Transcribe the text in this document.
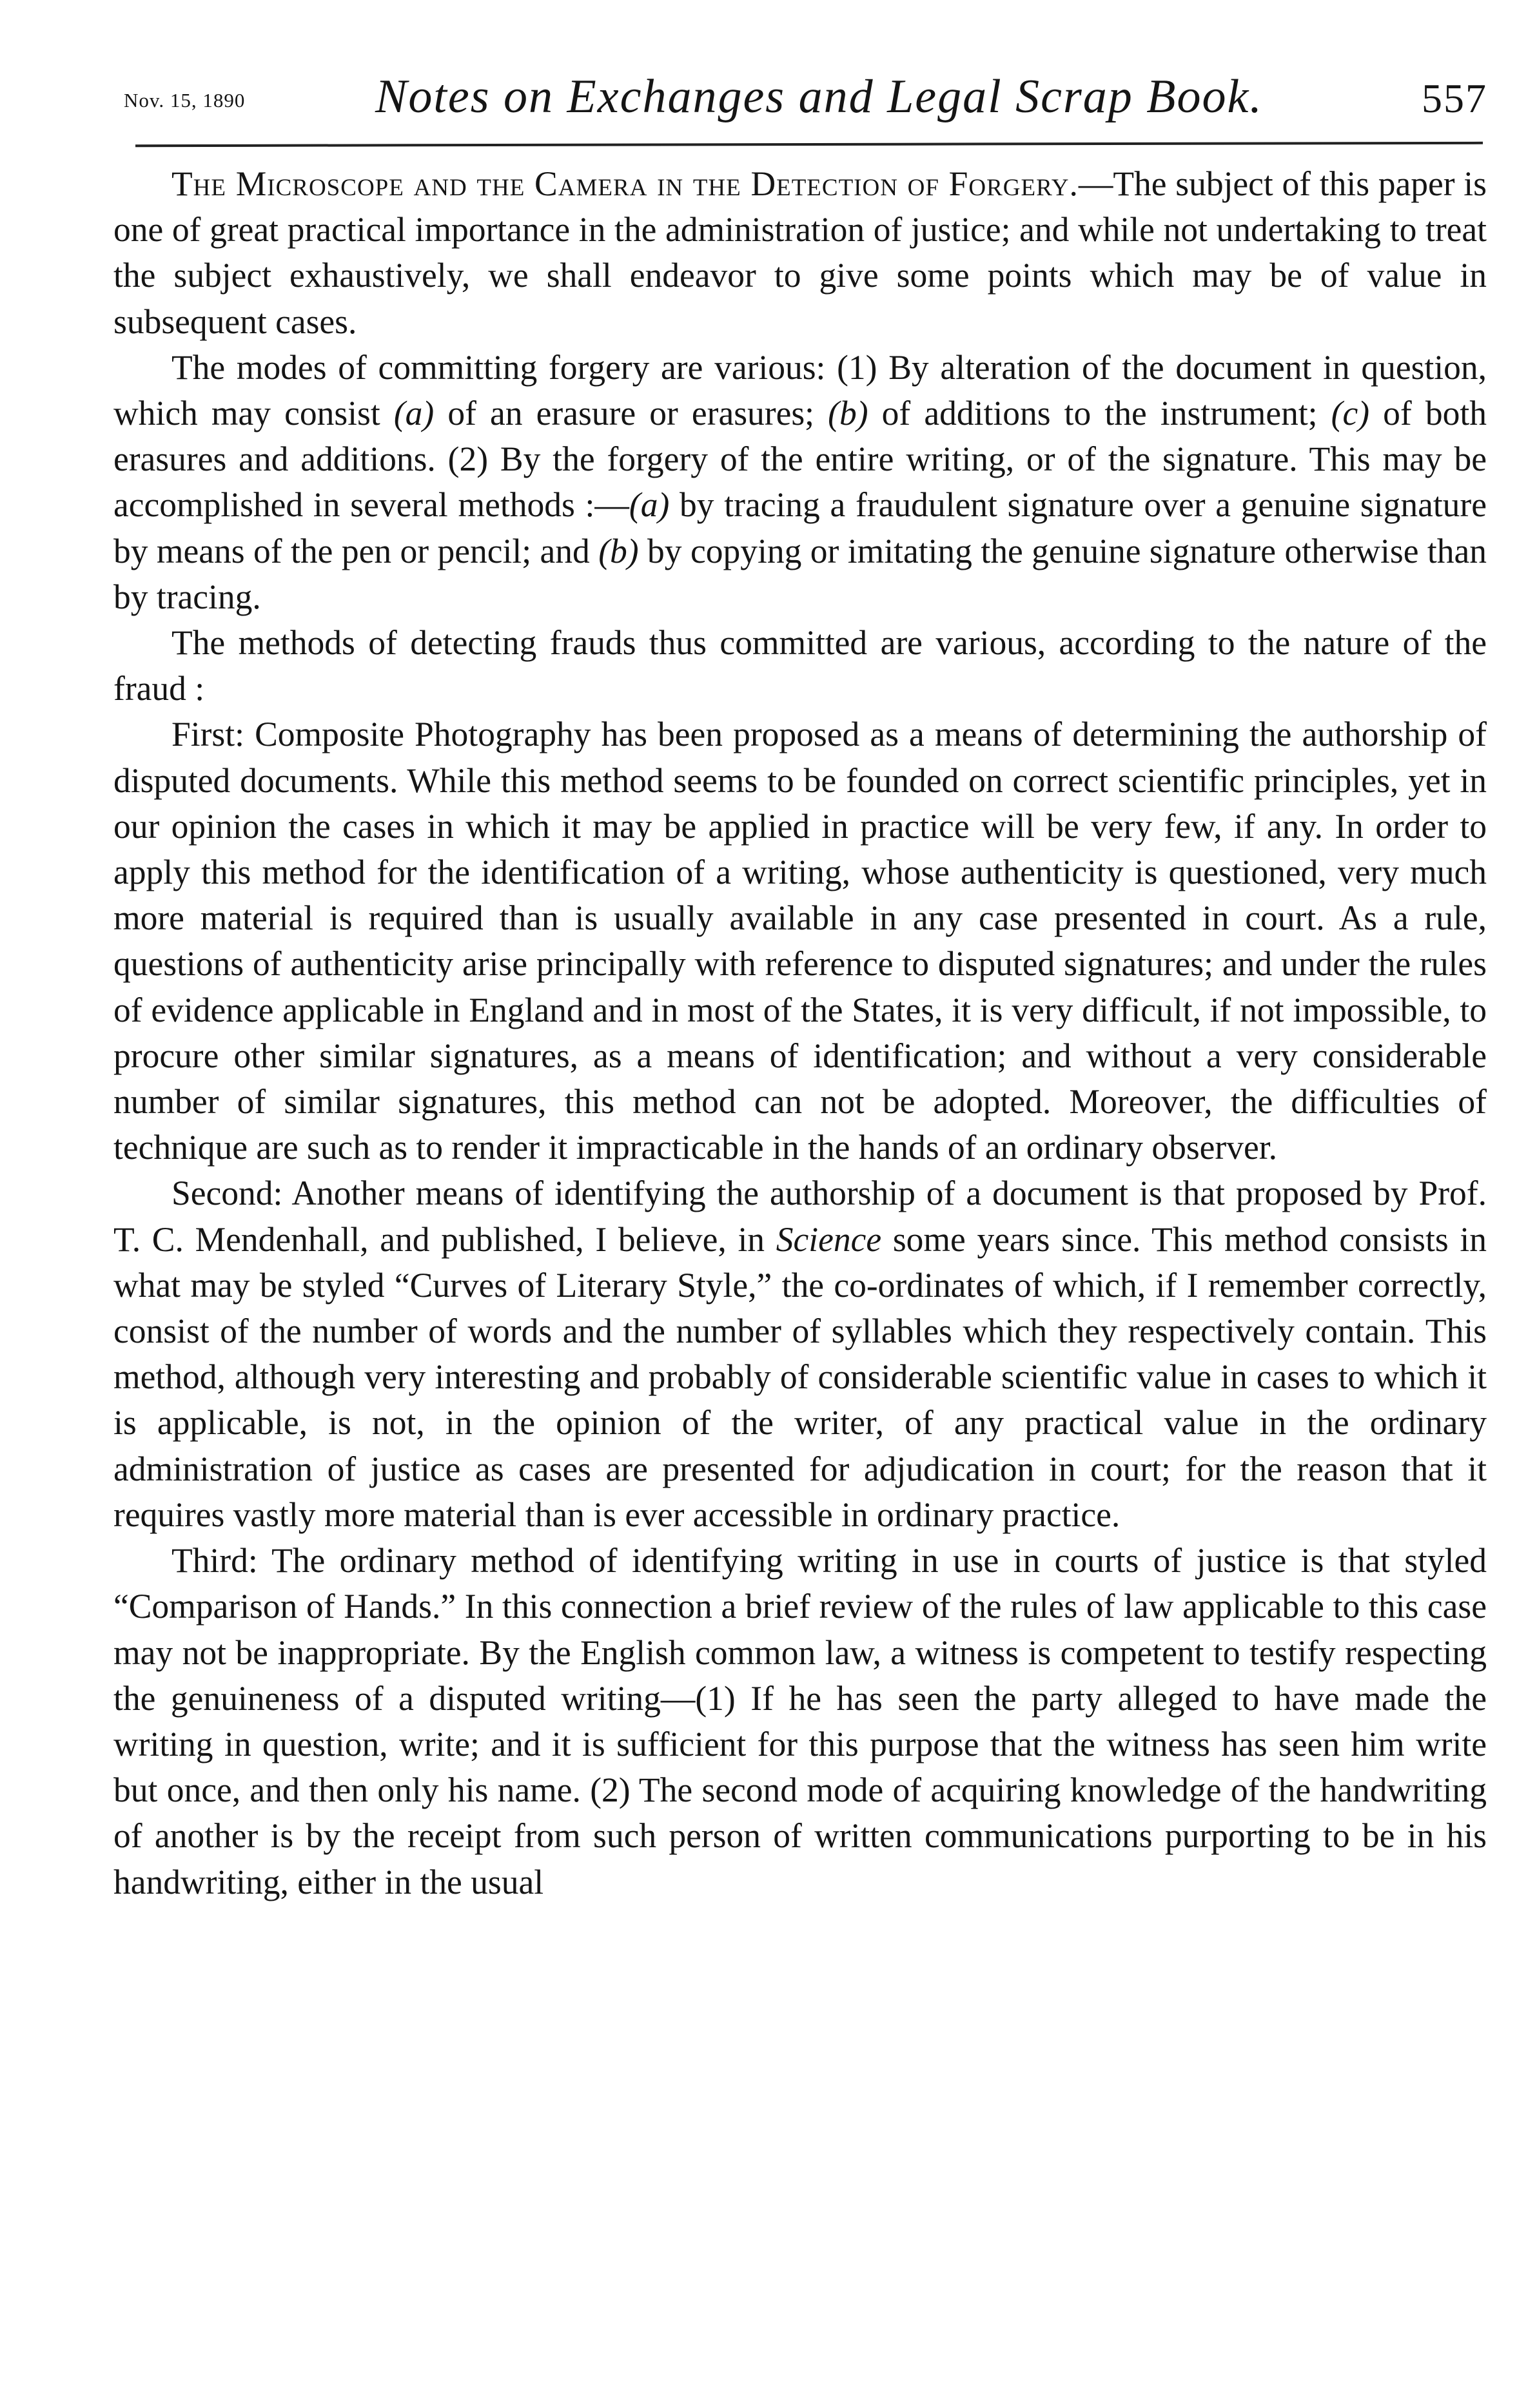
Nov. 15, 1890	Notes on Exchanges and Legal Scrap Book.	557

The Microscope and the Camera in the Detection of Forgery.—The subject of this paper is one of great practical importance in the administration of justice; and while not undertaking to treat the subject exhaustively, we shall endeavor to give some points which may be of value in subsequent cases.

The modes of committing forgery are various: (1) By alteration of the document in question, which may consist (a) of an erasure or erasures; (b) of additions to the instrument; (c) of both erasures and additions. (2) By the forgery of the entire writing, or of the signature. This may be accomplished in several methods :—(a) by tracing a fraudulent signature over a genuine signature by means of the pen or pencil; and (b) by copying or imitating the genuine signature otherwise than by tracing.

The methods of detecting frauds thus committed are various, according to the nature of the fraud :

First: Composite Photography has been proposed as a means of determining the authorship of disputed documents. While this method seems to be founded on correct scientific principles, yet in our opinion the cases in which it may be applied in practice will be very few, if any. In order to apply this method for the identification of a writing, whose authenticity is questioned, very much more material is required than is usually available in any case presented in court. As a rule, questions of authenticity arise principally with reference to disputed signatures; and under the rules of evidence applicable in England and in most of the States, it is very difficult, if not impossible, to procure other similar signatures, as a means of identification; and without a very considerable number of similar signatures, this method can not be adopted. Moreover, the difficulties of technique are such as to render it impracticable in the hands of an ordinary observer.

Second: Another means of identifying the authorship of a document is that proposed by Prof. T. C. Mendenhall, and published, I believe, in Science some years since. This method consists in what may be styled “Curves of Literary Style,” the co-ordinates of which, if I remember correctly, consist of the number of words and the number of syllables which they respectively contain. This method, although very interesting and probably of considerable scientific value in cases to which it is applicable, is not, in the opinion of the writer, of any practical value in the ordinary administration of justice as cases are presented for adjudication in court; for the reason that it requires vastly more material than is ever accessible in ordinary practice.

Third: The ordinary method of identifying writing in use in courts of justice is that styled “Comparison of Hands.” In this connection a brief review of the rules of law applicable to this case may not be inappropriate. By the English common law, a witness is competent to testify respecting the genuineness of a disputed writing—(1) If he has seen the party alleged to have made the writing in question, write; and it is sufficient for this purpose that the witness has seen him write but once, and then only his name. (2) The second mode of acquiring knowledge of the handwriting of another is by the receipt from such person of written communications purporting to be in his handwriting, either in the usual
